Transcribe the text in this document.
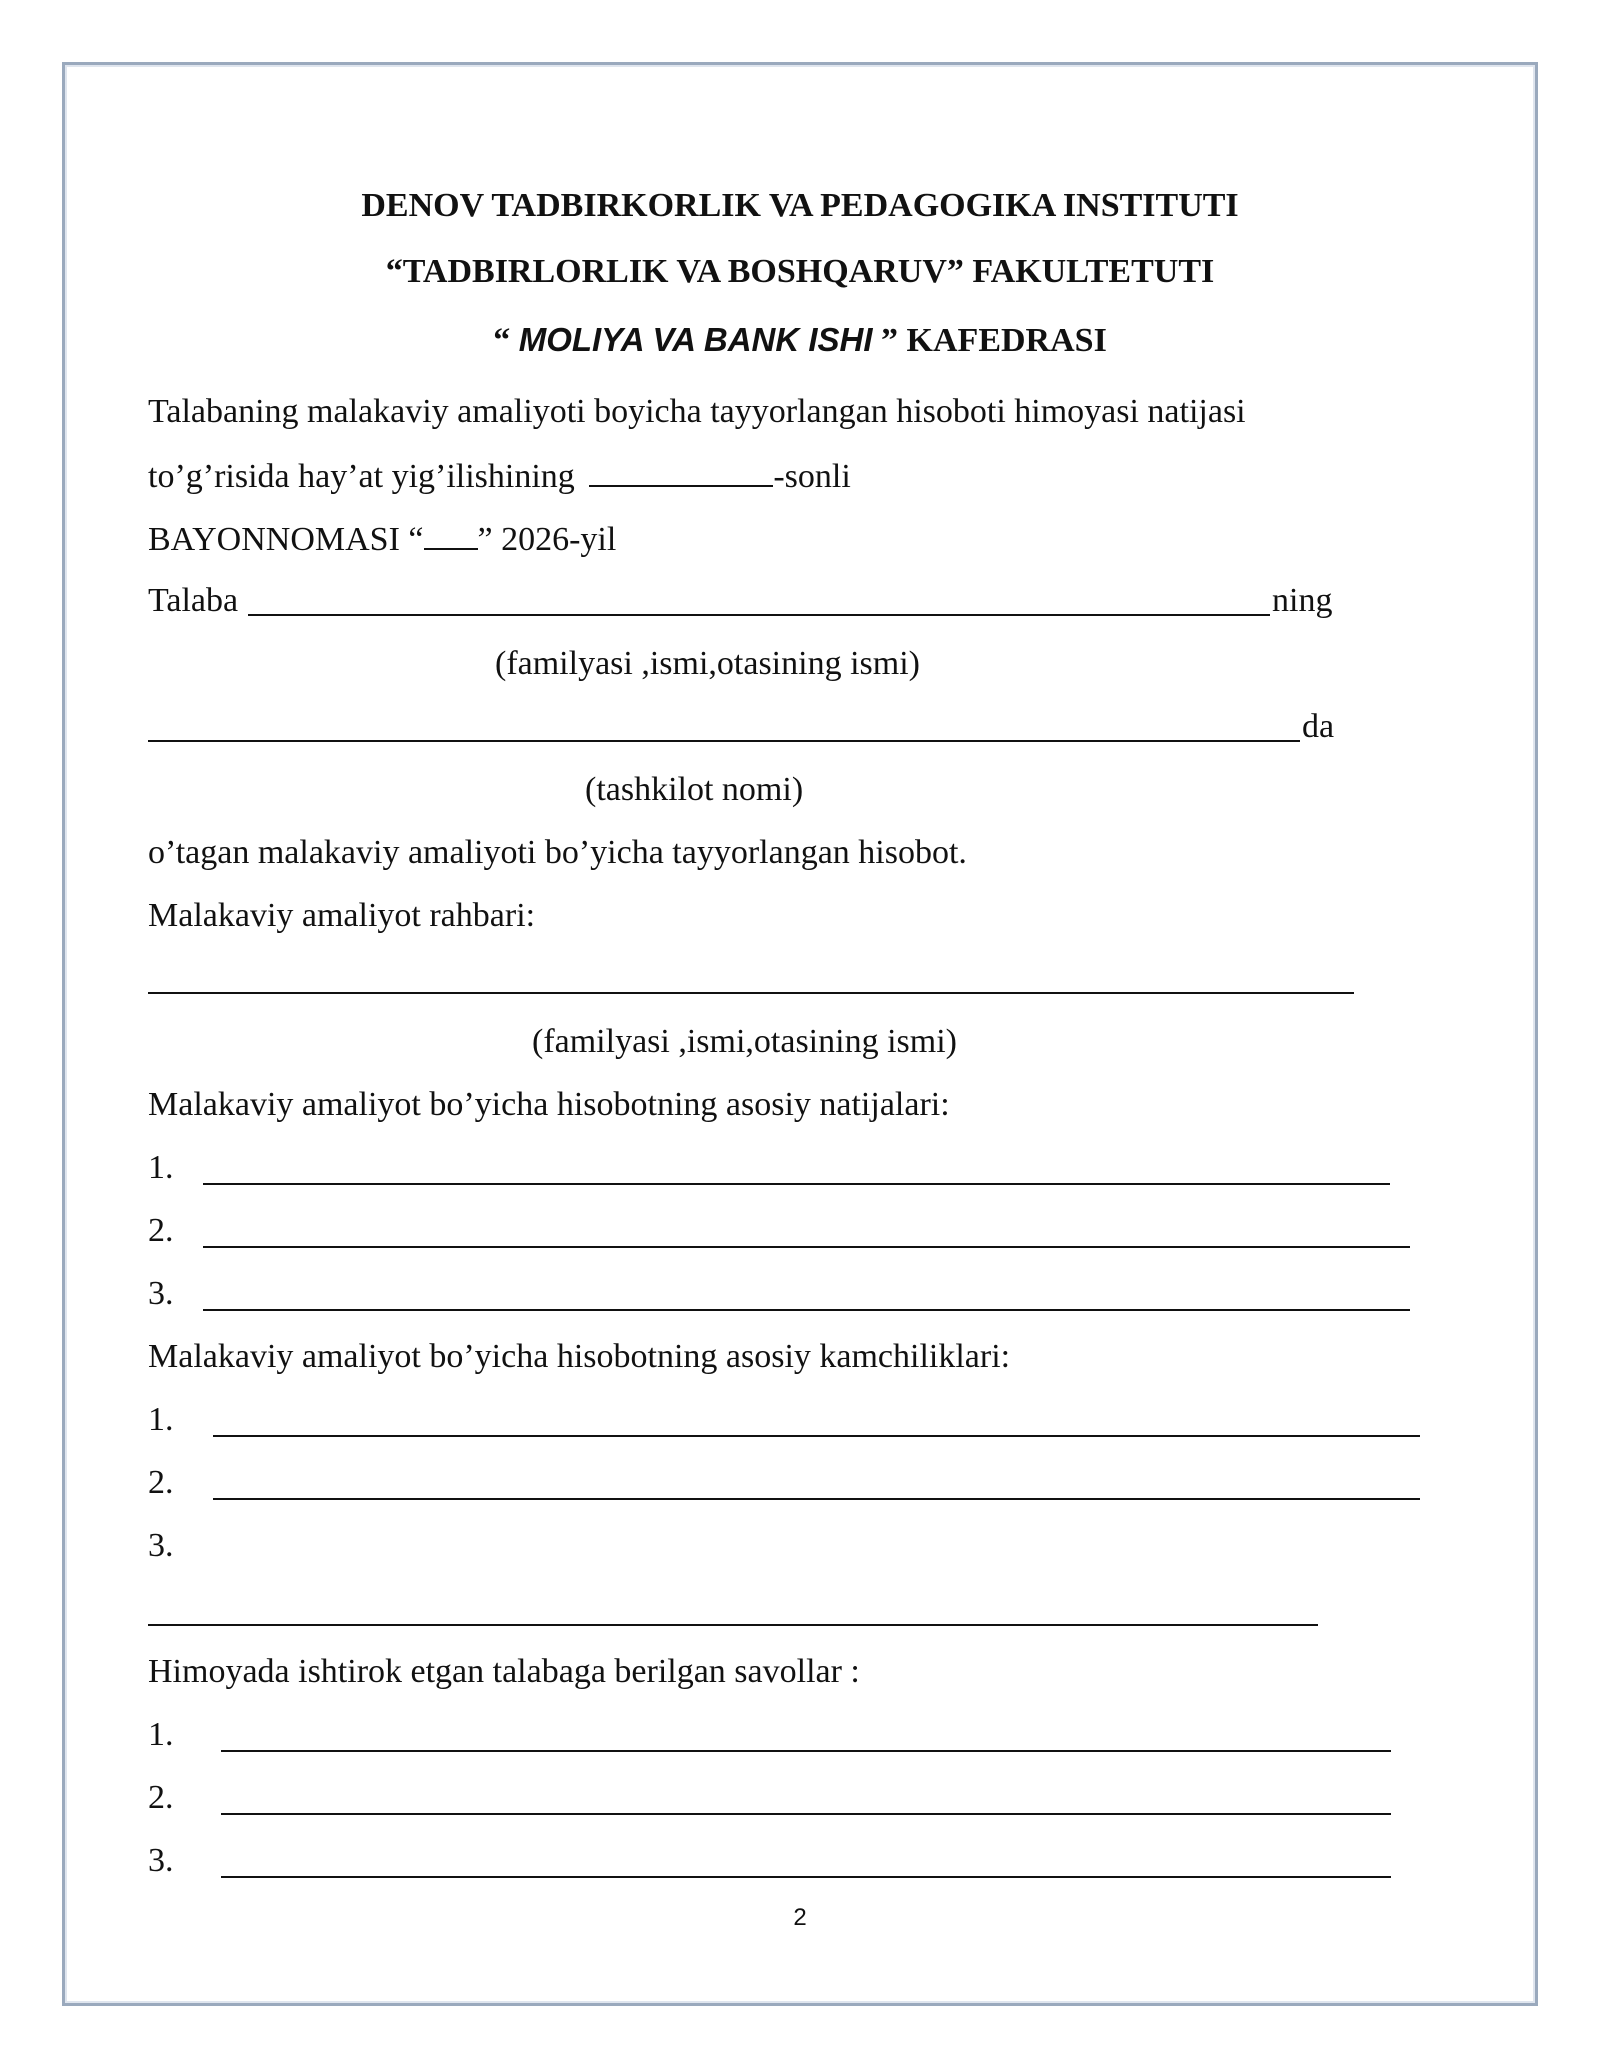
DENOV TADBIRKORLIK VA PEDAGOGIKA INSTITUTI
“TADBIRLORLIK VA BOSHQARUV” FAKULTETUTI
“ MOLIYA VA BANK ISHI ” KAFEDRASI
Talabaning malakaviy amaliyoti boyicha tayyorlangan hisoboti himoyasi natijasi
to’g’risida hay’at yig’ilishining	-sonli
BAYONNOMASI “ ” 2026-yil
Talaba	ning
(familyasi ,ismi,otasining ismi)
da
(tashkilot nomi)
o’tagan malakaviy amaliyoti bo’yicha tayyorlangan hisobot.
Malakaviy amaliyot rahbari:
(familyasi ,ismi,otasining ismi)
Malakaviy amaliyot bo’yicha hisobotning asosiy natijalari:
1.
2.
3.
Malakaviy amaliyot bo’yicha hisobotning asosiy kamchiliklari:
1.
2.
3.
Himoyada ishtirok etgan talabaga berilgan savollar :
1.
2.
3.
2
